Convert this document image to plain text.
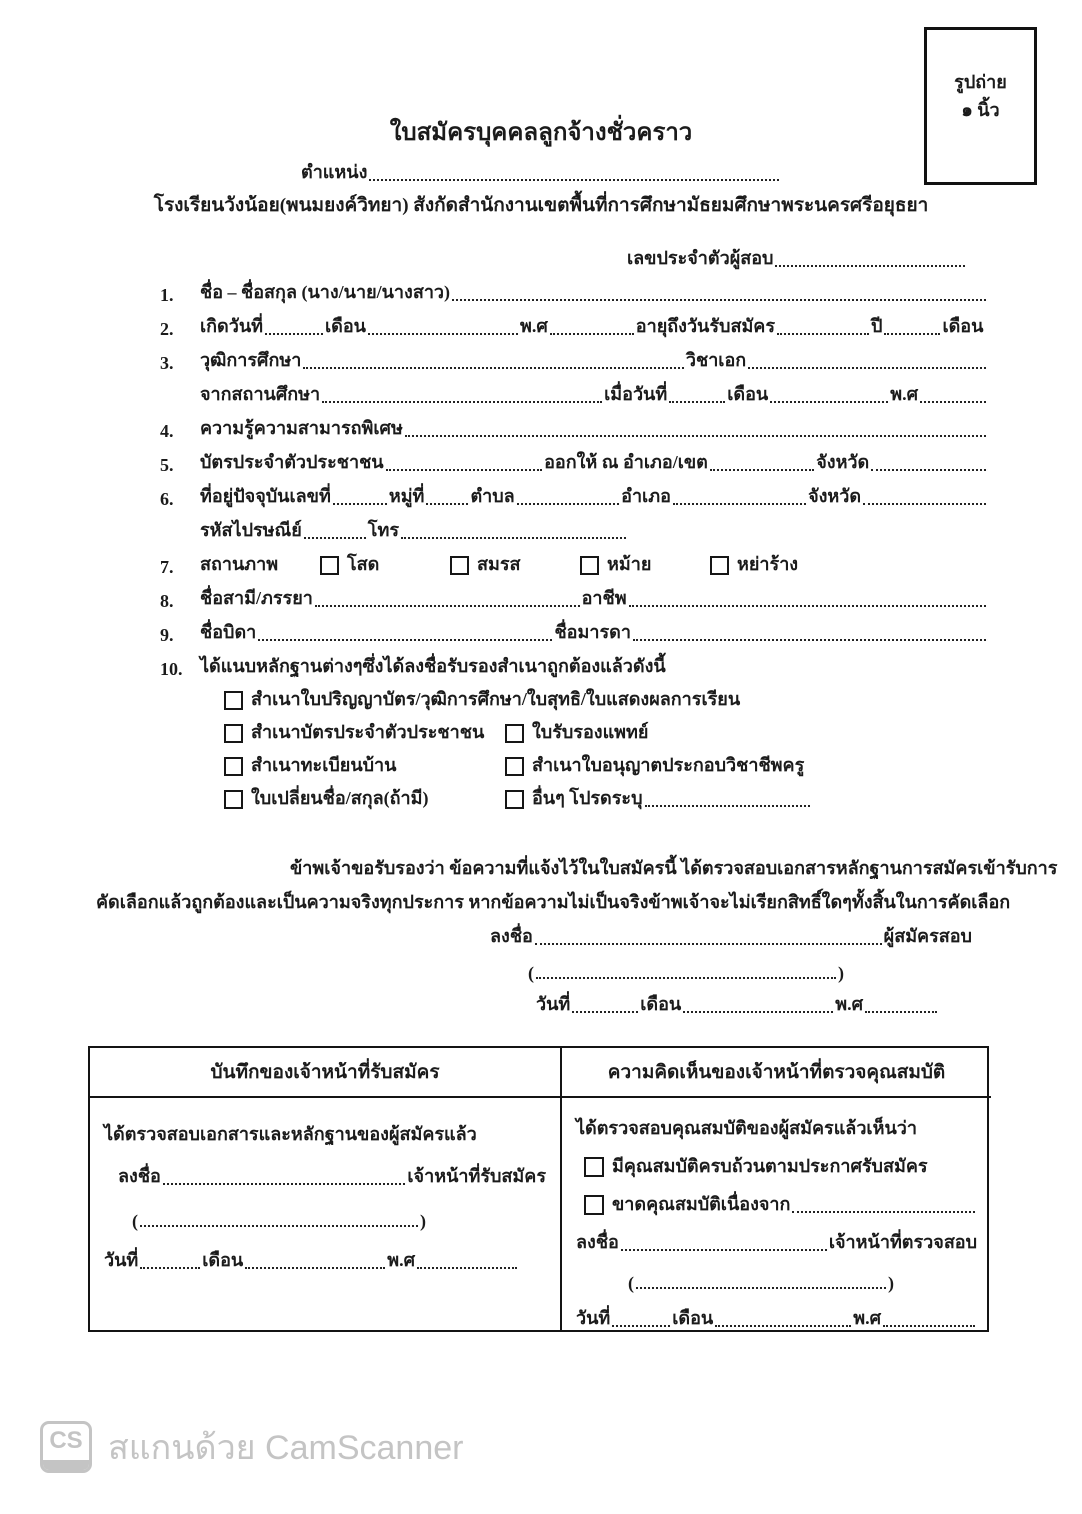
รูปถ่าย
๑ นิ้ว
ใบสมัครบุคคลลูกจ้างชั่วคราว
ตำแหน่ง
โรงเรียนวังน้อย(พนมยงค์วิทยา) สังกัดสำนักงานเขตพื้นที่การศึกษามัธยมศึกษาพระนครศรีอยุธยา
เลขประจำตัวผู้สอบ
1.	ชื่อ – ชื่อสกุล (นาง/นาย/นางสาว)
2.	เกิดวันที่	เดือน	พ.ศ	อายุถึงวันรับสมัคร	ปี	เดือน
3.	วุฒิการศึกษา	วิชาเอก
จากสถานศึกษา	เมื่อวันที่	เดือน	พ.ศ
4.	ความรู้ความสามารถพิเศษ
5.	บัตรประจำตัวประชาชน	ออกให้ ณ อำเภอ/เขต	จังหวัด
6.	ที่อยู่ปัจจุบันเลขที่	หมู่ที่	ตำบล	อำเภอ	จังหวัด
รหัสไปรษณีย์	โทร
7.	สถานภาพ	โสด	สมรส	หม้าย	หย่าร้าง
8.	ชื่อสามี/ภรรยา	อาชีพ
9.	ชื่อบิดา	ชื่อมารดา
10. ได้แนบหลักฐานต่างๆซึ่งได้ลงชื่อรับรองสำเนาถูกต้องแล้วดังนี้
สำเนาใบปริญญาบัตร/วุฒิการศึกษา/ใบสุทธิ/ใบแสดงผลการเรียน
สำเนาบัตรประจำตัวประชาชน	ใบรับรองแพทย์
สำเนาทะเบียนบ้าน	สำเนาใบอนุญาตประกอบวิชาชีพครู
ใบเปลี่ยนชื่อ/สกุล(ถ้ามี)	อื่นๆ โปรดระบุ
ข้าพเจ้าขอรับรองว่า ข้อความที่แจ้งไว้ในใบสมัครนี้ ได้ตรวจสอบเอกสารหลักฐานการสมัครเข้ารับการ
คัดเลือกแล้วถูกต้องและเป็นความจริงทุกประการ หากข้อความไม่เป็นจริงข้าพเจ้าจะไม่เรียกสิทธิ์ใดๆทั้งสิ้นในการคัดเลือก
ลงชื่อ	ผู้สมัครสอบ
(	)
วันที่	เดือน	พ.ศ
บันทึกของเจ้าหน้าที่รับสมัคร
ได้ตรวจสอบเอกสารและหลักฐานของผู้สมัครแล้ว
ลงชื่อ	เจ้าหน้าที่รับสมัคร
(	)
วันที่	เดือน	พ.ศ
ความคิดเห็นของเจ้าหน้าที่ตรวจคุณสมบัติ
ได้ตรวจสอบคุณสมบัติของผู้สมัครแล้วเห็นว่า
มีคุณสมบัติครบถ้วนตามประกาศรับสมัคร
ขาดคุณสมบัติเนื่องจาก
ลงชื่อ	เจ้าหน้าที่ตรวจสอบ
(	)
วันที่	เดือน	พ.ศ
CS สแกนด้วย CamScanner
